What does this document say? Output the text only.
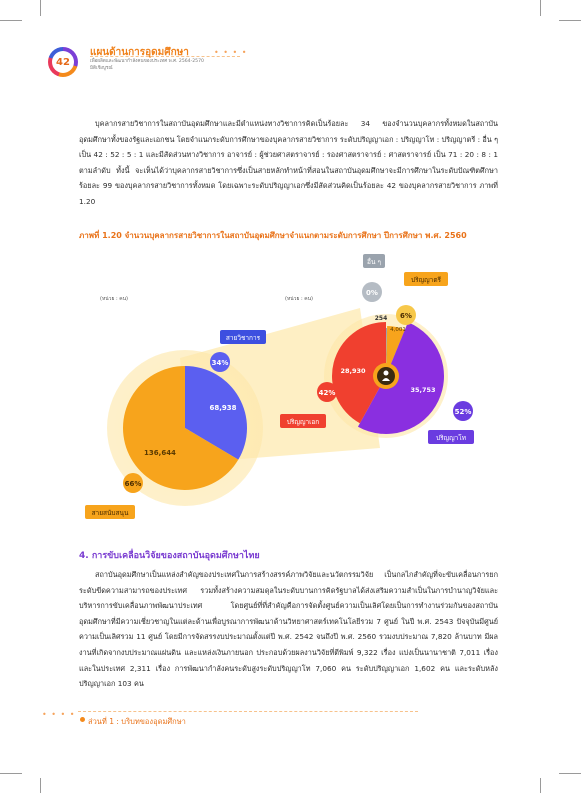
42
แผนด้านการอุดมศึกษา	• • • •
เพื่อผลิตและพัฒนากำลังคนของประเทศ พ.ศ. 2564-2570
มิติเชิงบูรณ์

บุคลากรสายวิชาการในสถาบันอุดมศึกษาและมีตำแหน่งทางวิชาการคิดเป็นร้อยละ 34 ของจำนวนบุคลากรทั้งหมดในสถาบันอุดมศึกษาทั้งของรัฐและเอกชน โดยจำแนกระดับการศึกษาของบุคลากรสายวิชาการ ระดับปริญญาเอก : ปริญญาโท : ปริญญาตรี : อื่น ๆ เป็น 42 : 52 : 5 : 1 และมีสัดส่วนทางวิชาการ อาจารย์ : ผู้ช่วยศาสตราจารย์ : รองศาสตราจารย์ : ศาสตราจารย์ เป็น 71 : 20 : 8 : 1 ตามลำดับ ทั้งนี้ จะเห็นได้ว่าบุคลากรสายวิชาการซึ่งเป็นสายหลักทำหน้าที่สอนในสถาบันอุดมศึกษาจะมีการศึกษาในระดับปัณฑิตศึกษาร้อยละ 99 ของบุคลากรสายวิชาการทั้งหมด โดยเฉพาะระดับปริญญาเอกซึ่งมีสัดส่วนคิดเป็นร้อยละ 42 ของบุคลากรสายวิชาการ ภาพที่ 1.20

ภาพที่ 1.20 จำนวนบุคลากรสายวิชาการในสถาบันอุดมศึกษาจำแนกตามระดับการศึกษา ปีการศึกษา พ.ศ. 2560
(หน่วย : คน)
68,938
136,644
34%
66%
สายวิชาการ
สายสนับสนุน
(หน่วย : คน)
28,930
35,753
254
4,001
0%
6%
42%
52%
อื่น ๆ
ปริญญาตรี
ปริญญาเอก
ปริญญาโท
4. การขับเคลื่อนวิจัยของสถาบันอุดมศึกษาไทย

สถาบันอุดมศึกษาเป็นแหล่งสำคัญของประเทศในการสร้างสรรค์ภาพวิจัยและนวัตกรรมวิจัย เป็นกลไกสำคัญที่จะขับเคลื่อนการยกระดับขีดความสามารถของประเทศ รวมทั้งสร้างความสมดุลในระดับบานการคิดรัฐบาลได้ส่งเสริมความสำเป็นในการบำนาญวิจัยและบริหารการขับเคลื่อนภาพพัฒนาประเทศ โดยศูนย์ที่ที่สำคัญคือการจัดตั้งศูนย์ความเป็นเลิศโดยเป็นการทำงานร่วมกันของสถาบันอุดมศึกษาที่มีความเชี่ยวชาญในแต่ละด้านเพื่อบูรณาการพัฒนาด้านวิทยาศาสตร์เทคโนโลยีรวม 7 ศูนย์ ในปี พ.ศ. 2543 ปัจจุบันมีศูนย์ความเป็นเลิศรวม 11 ศูนย์ โดยมีการจัดสรรงบประมาณตั้งแต่ปี พ.ศ. 2542 จนถึงปี พ.ศ. 2560 รวมงบประมาณ 7,820 ล้านบาท มีผลงานที่เกิดจากงบประมาณแผ่นดิน และแหล่งเงินภายนอก ประกอบด้วยผลงานวิจัยที่ตีพิมพ์ 9,322 เรื่อง แบ่งเป็นนานาชาติ 7,011 เรื่อง และในประเทศ 2,311 เรื่อง การพัฒนากำลังคนระดับสูงระดับปริญญาโท 7,060 คน ระดับปริญญาเอก 1,602 คน และระดับหลังปริญญาเอก 103 คน

• • • •
ส่วนที่ 1 : บริบทของอุดมศึกษา
